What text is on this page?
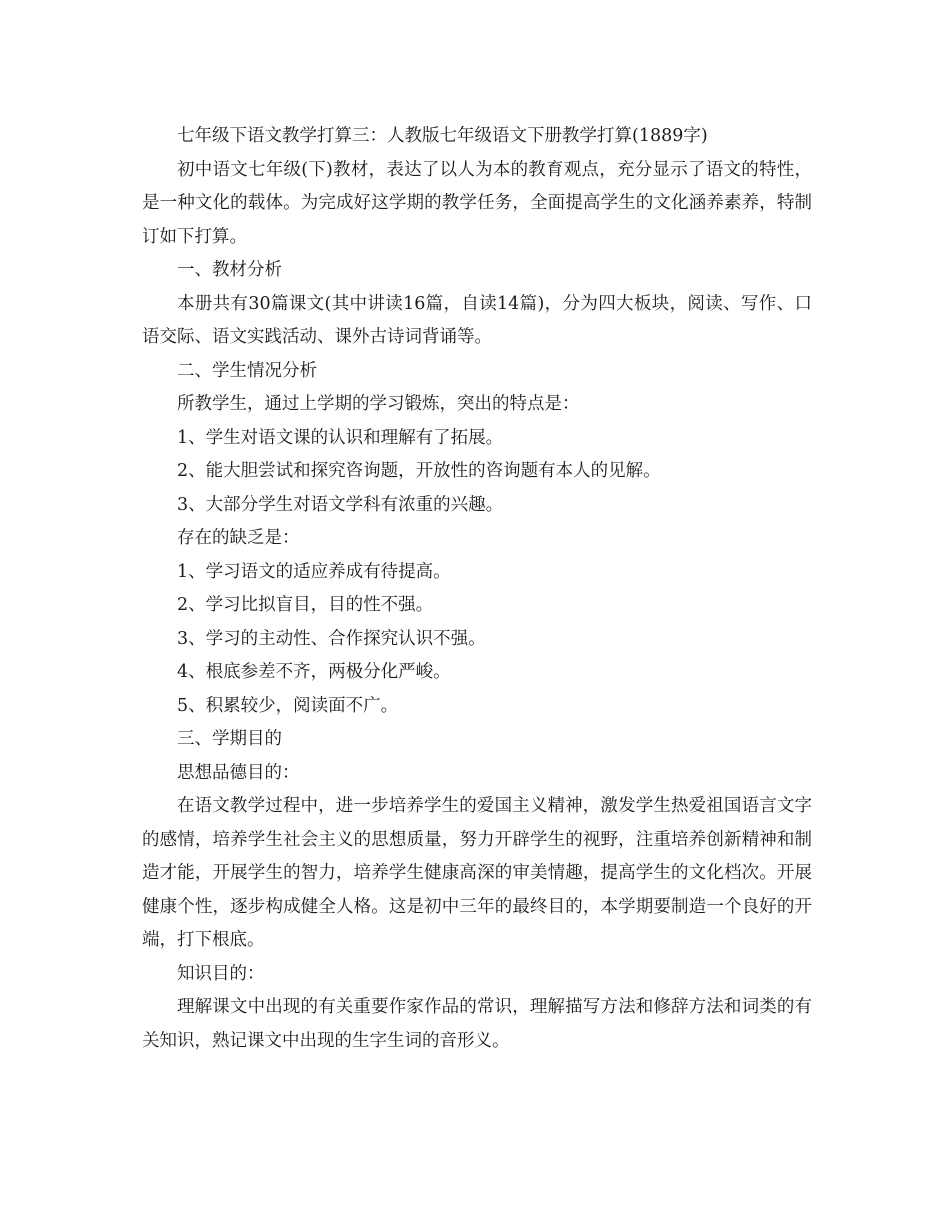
七年级下语文教学打算三：人教版七年级语文下册教学打算(1889字)

初中语文七年级(下)教材，表达了以人为本的教育观点，充分显示了语文的特性，是一种文化的载体。为完成好这学期的教学任务，全面提高学生的文化涵养素养，特制订如下打算。

一、教材分析

本册共有30篇课文(其中讲读16篇，自读14篇)，分为四大板块，阅读、写作、口语交际、语文实践活动、课外古诗词背诵等。

二、学生情况分析

所教学生，通过上学期的学习锻炼，突出的特点是：

1、学生对语文课的认识和理解有了拓展。

2、能大胆尝试和探究咨询题，开放性的咨询题有本人的见解。

3、大部分学生对语文学科有浓重的兴趣。

存在的缺乏是：

1、学习语文的适应养成有待提高。

2、学习比拟盲目，目的性不强。

3、学习的主动性、合作探究认识不强。

4、根底参差不齐，两极分化严峻。

5、积累较少，阅读面不广。

三、学期目的

思想品德目的：

在语文教学过程中，进一步培养学生的爱国主义精神，激发学生热爱祖国语言文字的感情，培养学生社会主义的思想质量，努力开辟学生的视野，注重培养创新精神和制造才能，开展学生的智力，培养学生健康高深的审美情趣，提高学生的文化档次。开展健康个性，逐步构成健全人格。这是初中三年的最终目的，本学期要制造一个良好的开端，打下根底。

知识目的：

理解课文中出现的有关重要作家作品的常识，理解描写方法和修辞方法和词类的有关知识，熟记课文中出现的生字生词的音形义。
